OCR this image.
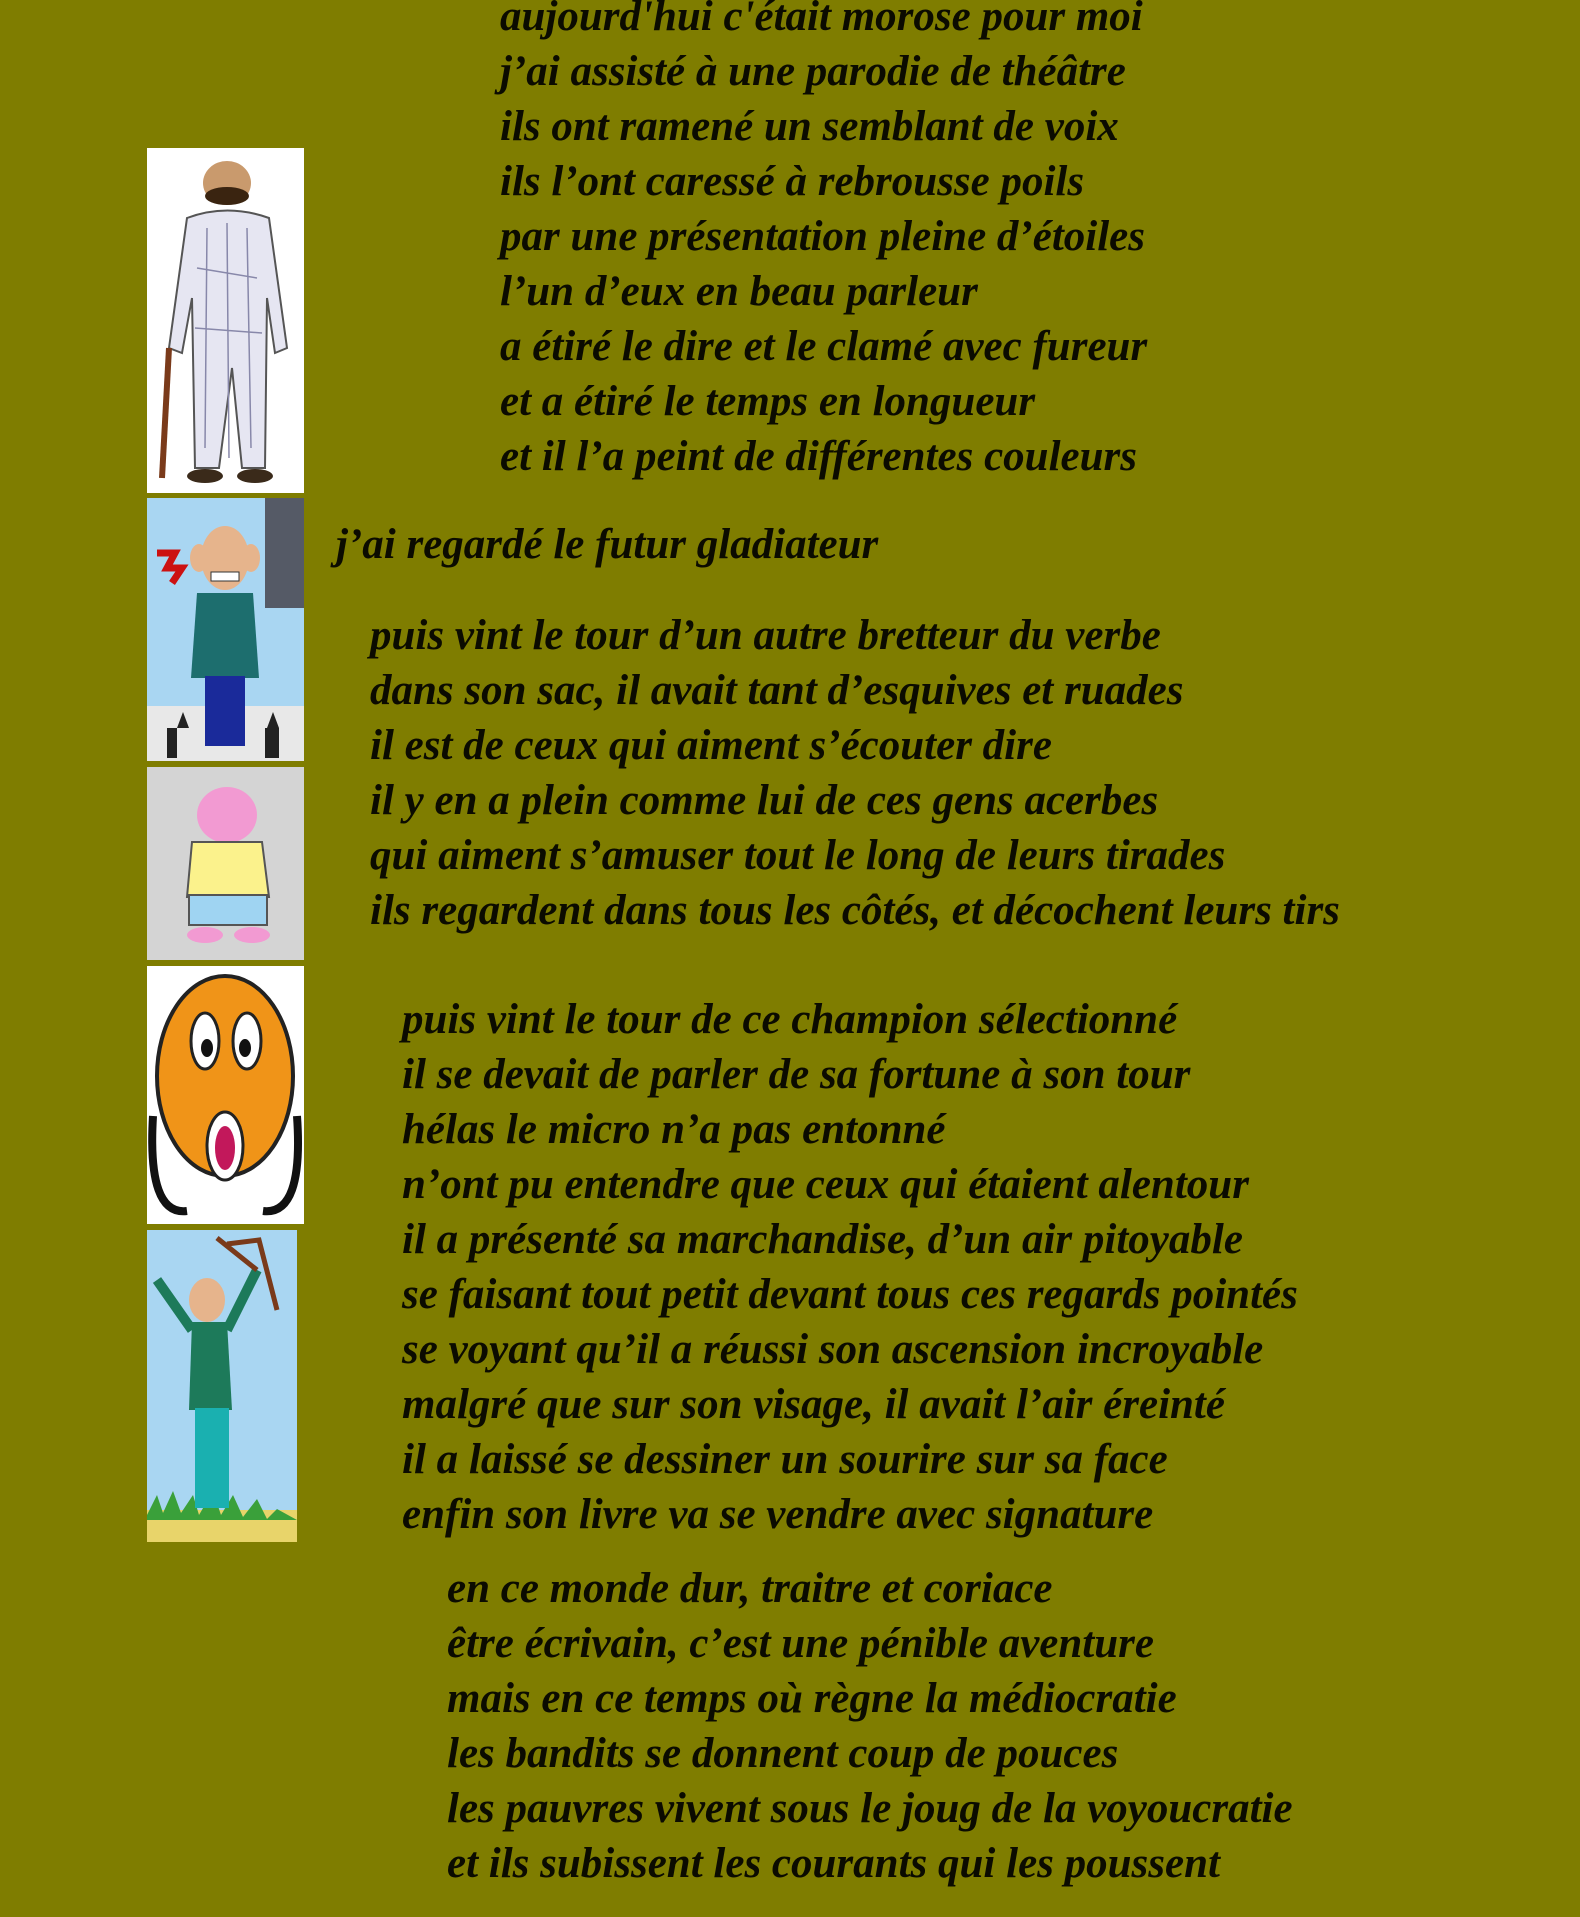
aujourd'hui c'était morose pour moi
j’ai assisté à une parodie de théâtre
ils ont ramené un semblant de voix
ils l’ont caressé à rebrousse poils
par une présentation pleine d’étoiles
l’un d’eux en beau parleur
a étiré le dire et le clamé avec fureur
et a étiré le temps en longueur
et il l’a peint de différentes couleurs
j’ai regardé le futur gladiateur
puis vint le tour d’un autre bretteur du verbe
dans son sac, il avait tant d’esquives et ruades
il est de ceux qui aiment s’écouter dire
il y en a plein comme lui de ces gens acerbes
qui aiment s’amuser tout le long de leurs tirades
ils regardent dans tous les côtés, et décochent leurs tirs
puis vint le tour de ce champion sélectionné
il se devait de parler de sa fortune à son tour
hélas le micro n’a pas entonné
n’ont pu entendre que ceux qui étaient alentour
il a présenté sa marchandise, d’un air pitoyable
se faisant tout petit devant tous ces regards pointés
se voyant qu’il a réussi son ascension incroyable
malgré que sur son visage, il avait l’air éreinté
il a laissé se dessiner un sourire sur sa face
enfin son livre va se vendre avec signature
en ce monde dur, traitre et coriace
être écrivain, c’est une pénible aventure
mais en ce temps où règne la médiocratie
les bandits se donnent coup de pouces
les pauvres vivent sous le joug de la voyoucratie
et ils subissent les courants qui les poussent
